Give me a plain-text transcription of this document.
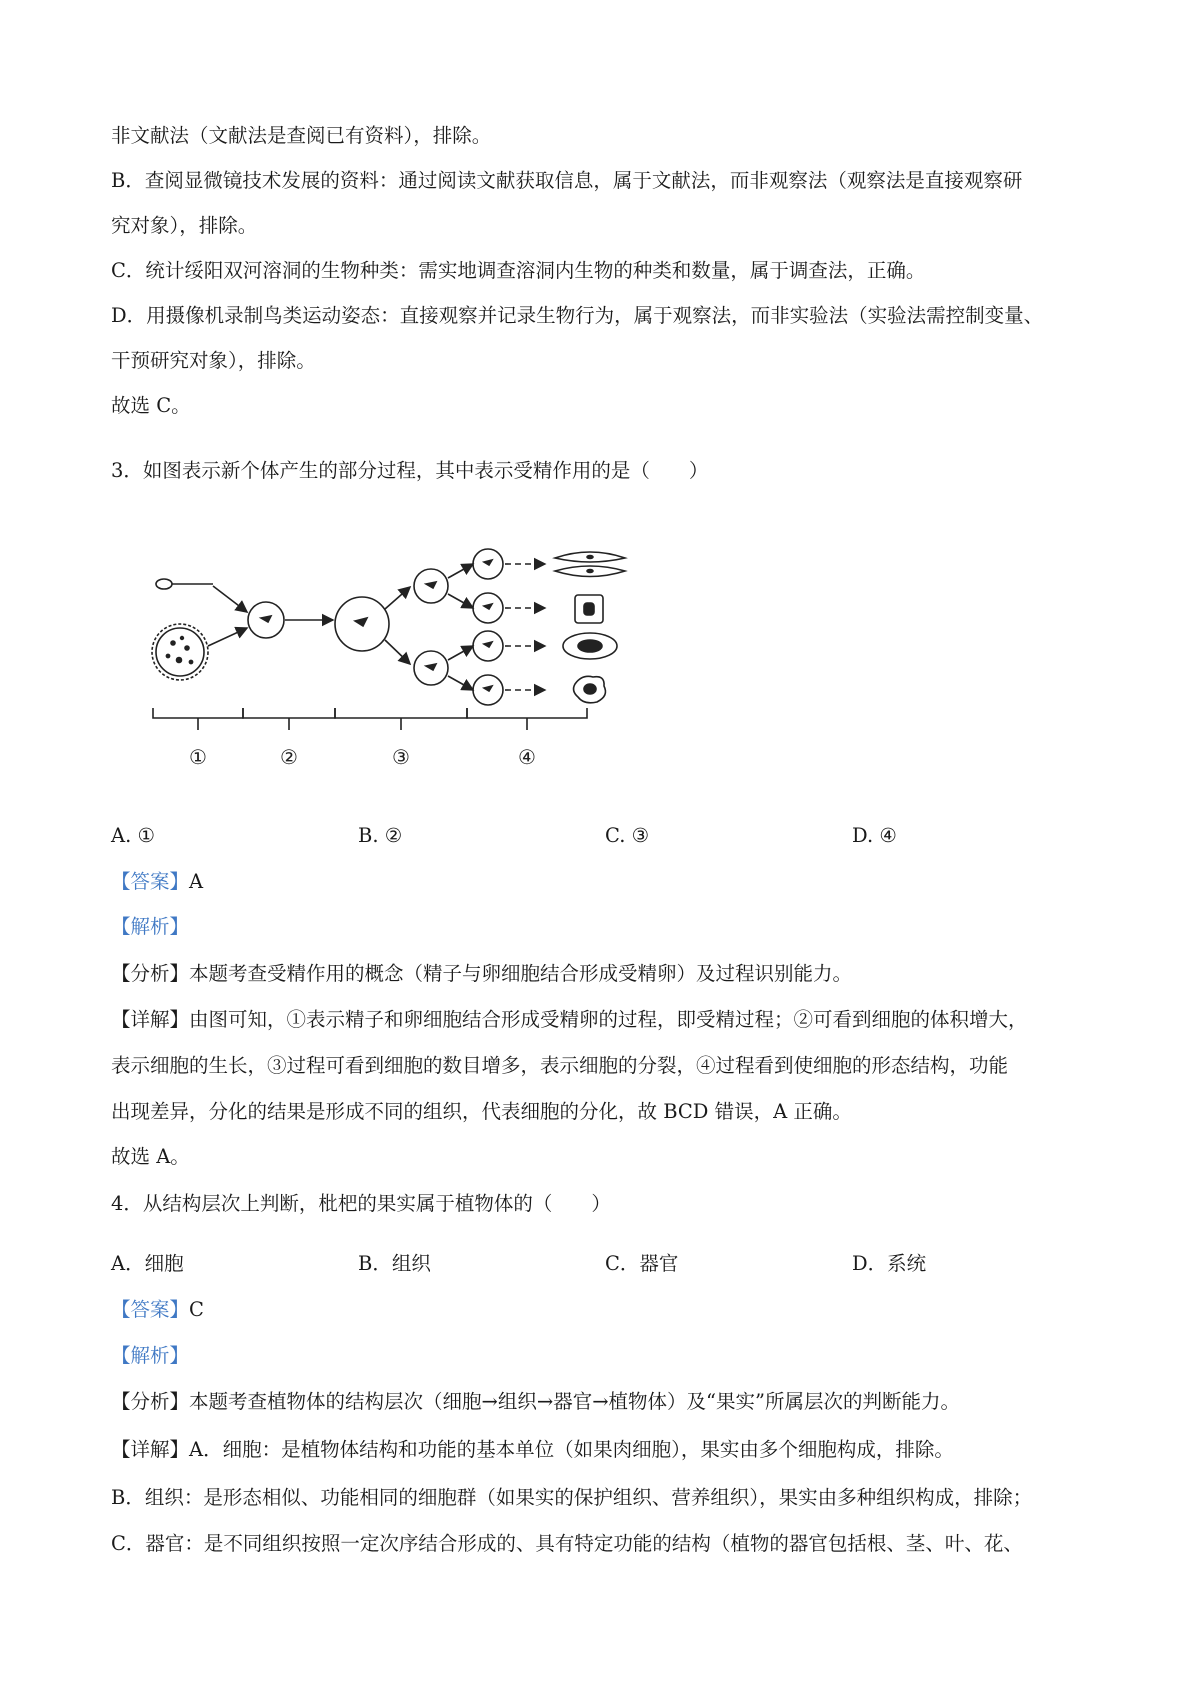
非文献法（文献法是查阅已有资料），排除。
B．查阅显微镜技术发展的资料：通过阅读文献获取信息，属于文献法，而非观察法（观察法是直接观察研
究对象），排除。
C．统计绥阳双河溶洞的生物种类：需实地调查溶洞内生物的种类和数量，属于调查法，正确。
D．用摄像机录制鸟类运动姿态：直接观察并记录生物行为，属于观察法，而非实验法（实验法需控制变量、
干预研究对象），排除。
故选 C。
3．如图表示新个体产生的部分过程，其中表示受精作用的是（　　）
①	②	③	④
A. ①	B. ②	C. ③	D. ④
【答案】A
【解析】
【分析】本题考查受精作用的概念（精子与卵细胞结合形成受精卵）及过程识别能力。
【详解】由图可知，①表示精子和卵细胞结合形成受精卵的过程，即受精过程；②可看到细胞的体积增大，
表示细胞的生长，③过程可看到细胞的数目增多，表示细胞的分裂，④过程看到使细胞的形态结构，功能
出现差异，分化的结果是形成不同的组织，代表细胞的分化，故 BCD 错误，A 正确。
故选 A。
4．从结构层次上判断，枇杷的果实属于植物体的（　　）
A．细胞	B．组织	C．器官	D．系统
【答案】C
【解析】
【分析】本题考查植物体的结构层次（细胞→组织→器官→植物体）及“果实”所属层次的判断能力。
【详解】A．细胞：是植物体结构和功能的基本单位（如果肉细胞），果实由多个细胞构成，排除。
B．组织：是形态相似、功能相同的细胞群（如果实的保护组织、营养组织），果实由多种组织构成，排除；
C．器官：是不同组织按照一定次序结合形成的、具有特定功能的结构（植物的器官包括根、茎、叶、花、
